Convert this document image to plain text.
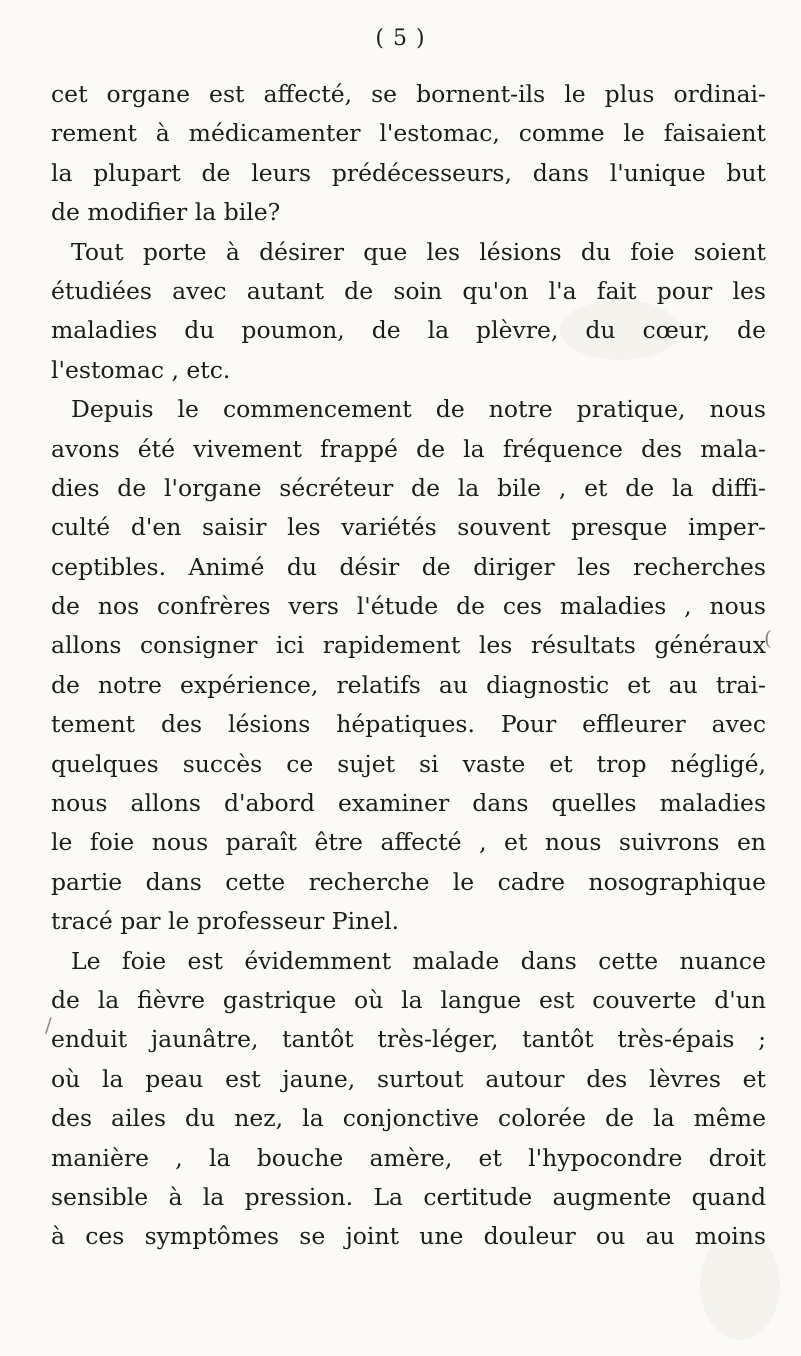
( 5 )
cet organe est affecté, se bornent-ils le plus ordinai-
rement à médicamenter l'estomac, comme le faisaient
la plupart de leurs prédécesseurs, dans l'unique but
de modifier la bile?
Tout porte à désirer que les lésions du foie soient
étudiées avec autant de soin qu'on l'a fait pour les
maladies du poumon, de la plèvre, du cœur, de
l'estomac , etc.
Depuis le commencement de notre pratique, nous
avons été vivement frappé de la fréquence des mala-
dies de l'organe sécréteur de la bile , et de la diffi-
culté d'en saisir les variétés souvent presque imper-
ceptibles. Animé du désir de diriger les recherches
de nos confrères vers l'étude de ces maladies , nous
allons consigner ici rapidement les résultats généraux
de notre expérience, relatifs au diagnostic et au trai-
tement des lésions hépatiques. Pour effleurer avec
quelques succès ce sujet si vaste et trop négligé,
nous allons d'abord examiner dans quelles maladies
le foie nous paraît être affecté , et nous suivrons en
partie dans cette recherche le cadre nosographique
tracé par le professeur Pinel.
Le foie est évidemment malade dans cette nuance
de la fièvre gastrique où la langue est couverte d'un
enduit jaunâtre, tantôt très-léger, tantôt très-épais ;
où la peau est jaune, surtout autour des lèvres et
des ailes du nez, la conjonctive colorée de la même
manière , la bouche amère, et l'hypocondre droit
sensible à la pression. La certitude augmente quand
à ces symptômes se joint une douleur ou au moins
/
(
